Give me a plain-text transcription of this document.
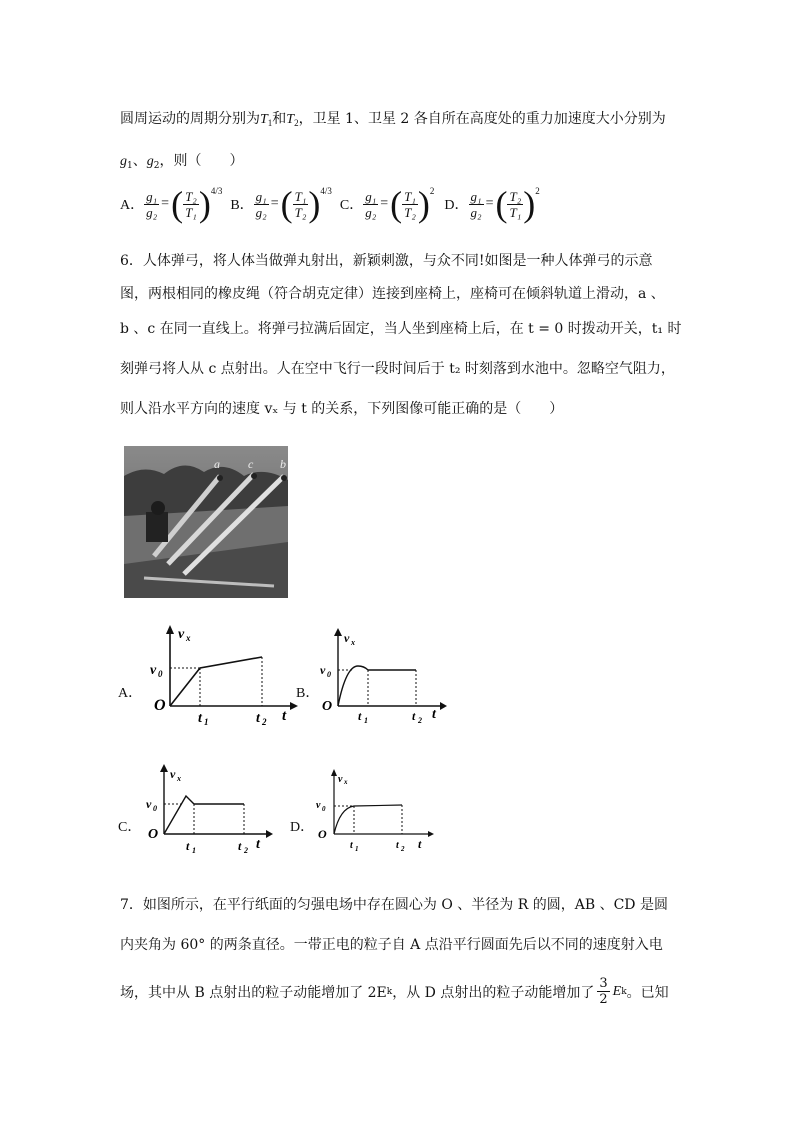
圆周运动的周期分别为$T_1$和$T_2$，卫星 1、卫星 2 各自所在高度处的重力加速度大小分别为
$g_1$、$g_2$，则（　　）
A． $\frac{\text{g₁}}{\text{g₂}}$ = ( $\frac{\text{T₂}}{\text{T₁}}$ ) 4/3
B． $\frac{\text{g₁}}{\text{g₂}}$ = ( $\frac{\text{T₁}}{\text{T₂}}$ ) 4/3
C． $\frac{\text{g₁}}{\text{g₂}}$ = ( $\frac{\text{T₁}}{\text{T₂}}$ ) 2
D． $\frac{\text{g₁}}{\text{g₂}}$ = ( $\frac{\text{T₂}}{\text{T₁}}$ ) 2
6．人体弹弓，将人体当做弹丸射出，新颖刺激，与众不同!如图是一种人体弹弓的示意
图，两根相同的橡皮绳（符合胡克定律）连接到座椅上，座椅可在倾斜轨道上滑动，a 、
b 、c 在同一直线上。将弹弓拉满后固定，当人坐到座椅上后，在 t = 0 时拨动开关，t₁ 时
刻弹弓将人从 c 点射出。人在空中飞行一段时间后于 t₂ 时刻落到水池中。忽略空气阻力，
则人沿水平方向的速度 vₓ 与 t 的关系，下列图像可能正确的是（　　）
a c b
A．
v x
v 0
O
t
t 1	t 2
B．
v x
v 0
O
t
t 1	t 2
C．
v x
v 0
O
t
t 1	t 2
D．
v x
v 0
O
t
t 1	t 2
7．如图所示，在平行纸面的匀强电场中存在圆心为 O 、半径为 R 的圆，AB 、CD 是圆
内夹角为 60° 的两条直径。一带正电的粒子自 A 点沿平行圆面先后以不同的速度射入电
场，其中从 B 点射出的粒子动能增加了 2E k ，从 D 点射出的粒子动能增加了 $\frac{3}{2}$ E k 。已知
